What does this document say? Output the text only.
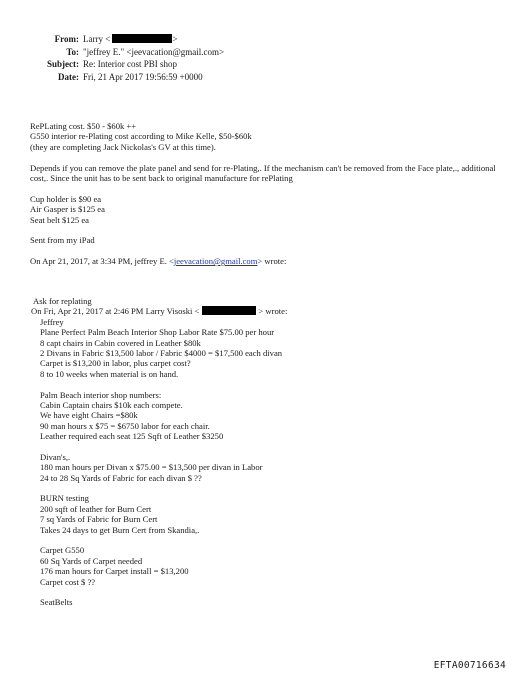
From: Larry <	>
To: "jeffrey E." <jeevacation@gmail.com>
Subject: Re: Interior cost PBI shop
Date: Fri, 21 Apr 2017 19:56:59 +0000
RePLating cost. $50 - $60k ++
G550 interior re-Plating cost according to Mike Kelle, $50-$60k
(they are completing Jack Nickolas's GV at this time).
Depends if you can remove the plate panel and send for re-Plating,. If the mechanism can't be removed from the Face plate,., additional cost,. Since the unit has to be sent back to original manufacture for rePlating
Cup holder is $90 ea
Air Gasper is $125 ea
Seat belt $125 ea
Sent from my iPad
On Apr 21, 2017, at 3:34 PM, jeffrey E. <jeevacation@gmail.com> wrote:
Ask for replating
On Fri, Apr 21, 2017 at 2:46 PM Larry Visoski <	> wrote:
Jeffrey
Plane Perfect Palm Beach Interior Shop Labor Rate $75.00 per hour
8 capt chairs in Cabin covered in Leather $80k
2 Divans in Fabric $13,500 labor / Fabric $4000 = $17,500 each divan
Carpet is $13,200 in labor, plus carpet cost?
8 to 10 weeks when material is on hand.
Palm Beach interior shop numbers:
Cabin Captain chairs $10k each compete.
We have eight Chairs =$80k
90 man hours x $75 = $6750 labor for each chair.
Leather required each seat 125 Sqft of Leather $3250
Divan's,.
180 man hours per Divan x $75.00 = $13,500 per divan in Labor
24 to 28 Sq Yards of Fabric for each divan $ ??
BURN testing
200 sqft of leather for Burn Cert
7 sq Yards of Fabric for Burn Cert
Takes 24 days to get Burn Cert from Skandia,.
Carpet G550
60 Sq Yards of Carpet needed
176 man hours for Carpet install = $13,200
Carpet cost $ ??
SeatBelts
EFTA00716634
